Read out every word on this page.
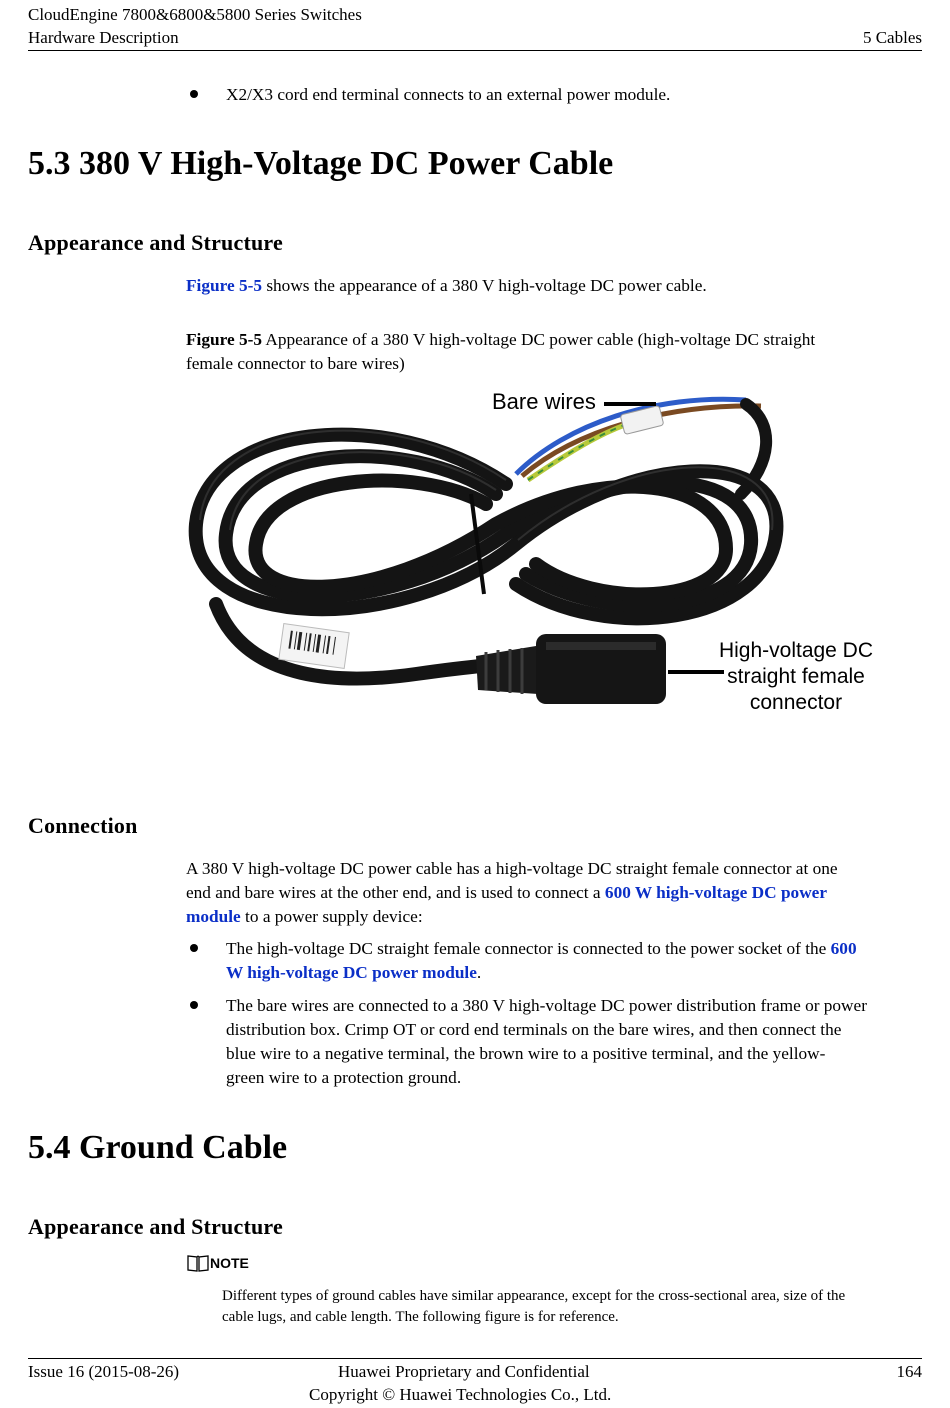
CloudEngine 7800&6800&5800 Series Switches
Hardware Description	5 Cables
X2/X3 cord end terminal connects to an external power module.
5.3 380 V High-Voltage DC Power Cable
Appearance and Structure
Figure 5-5 shows the appearance of a 380 V high-voltage DC power cable.
Figure 5-5 Appearance of a 380 V high-voltage DC power cable (high-voltage DC straight
female connector to bare wires)
Bare wires
High-voltage DC
straight female
connector
Connection
A 380 V high-voltage DC power cable has a high-voltage DC straight female connector at one
end and bare wires at the other end, and is used to connect a 600 W high-voltage DC power
module to a power supply device:
The high-voltage DC straight female connector is connected to the power socket of the 600
W high-voltage DC power module.
The bare wires are connected to a 380 V high-voltage DC power distribution frame or power
distribution box. Crimp OT or cord end terminals on the bare wires, and then connect the
blue wire to a negative terminal, the brown wire to a positive terminal, and the yellow-
green wire to a protection ground.
5.4 Ground Cable
Appearance and Structure
NOTE
Different types of ground cables have similar appearance, except for the cross-sectional area, size of the
cable lugs, and cable length. The following figure is for reference.
Issue 16 (2015-08-26)	Huawei Proprietary and Confidential
Copyright © Huawei Technologies Co., Ltd.
164
